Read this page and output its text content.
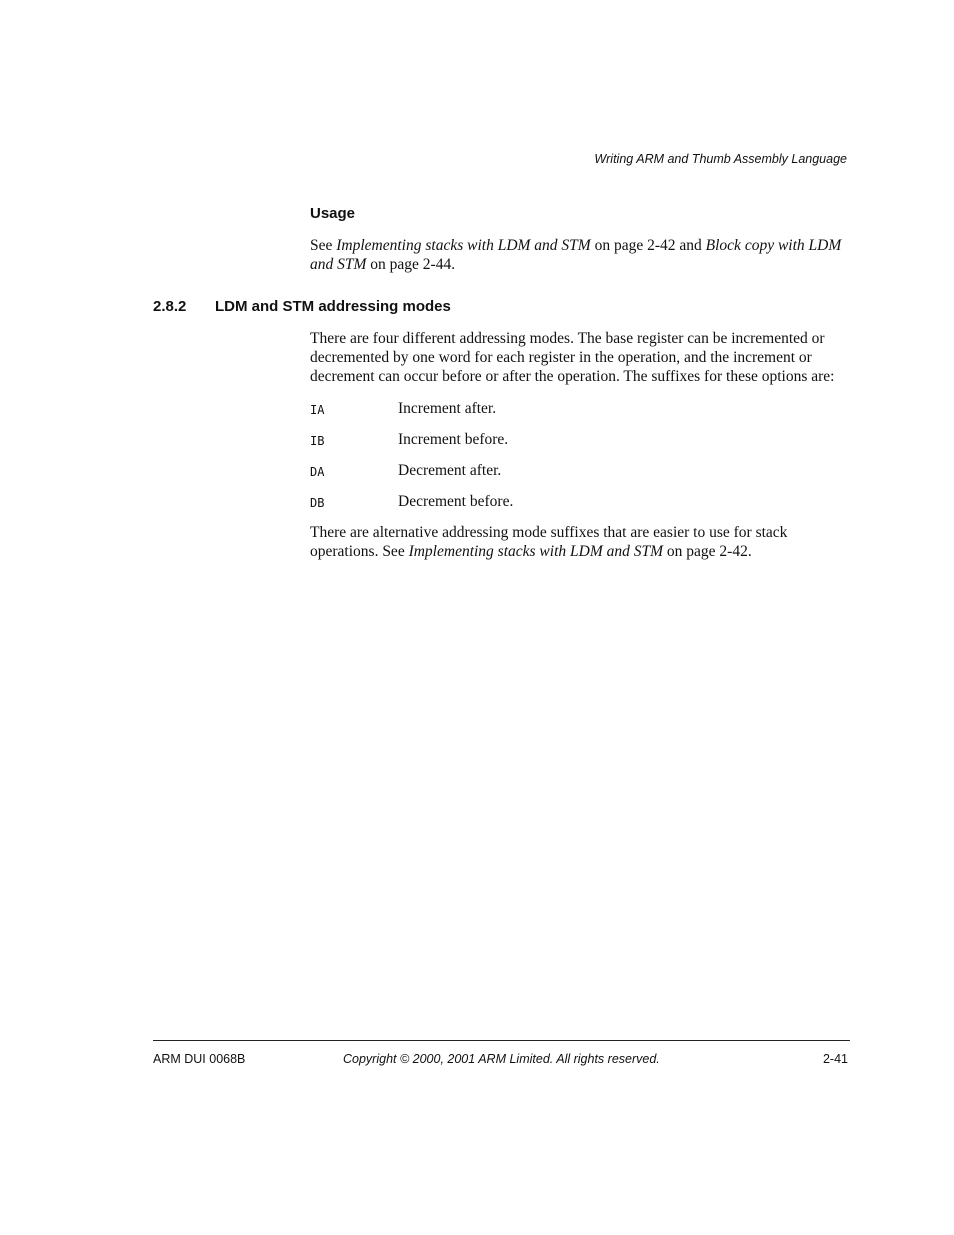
Writing ARM and Thumb Assembly Language
Usage

See Implementing stacks with LDM and STM on page 2-42 and Block copy with LDM and STM on page 2-44.

2.8.2 LDM and STM addressing modes

There are four different addressing modes. The base register can be incremented or decremented by one word for each register in the operation, and the increment or decrement can occur before or after the operation. The suffixes for these options are:

IA	Increment after.
IB	Increment before.
DA	Decrement after.
DB	Decrement before.

There are alternative addressing mode suffixes that are easier to use for stack operations. See Implementing stacks with LDM and STM on page 2-42.

ARM DUI 0068B	Copyright © 2000, 2001 ARM Limited. All rights reserved.	2-41
